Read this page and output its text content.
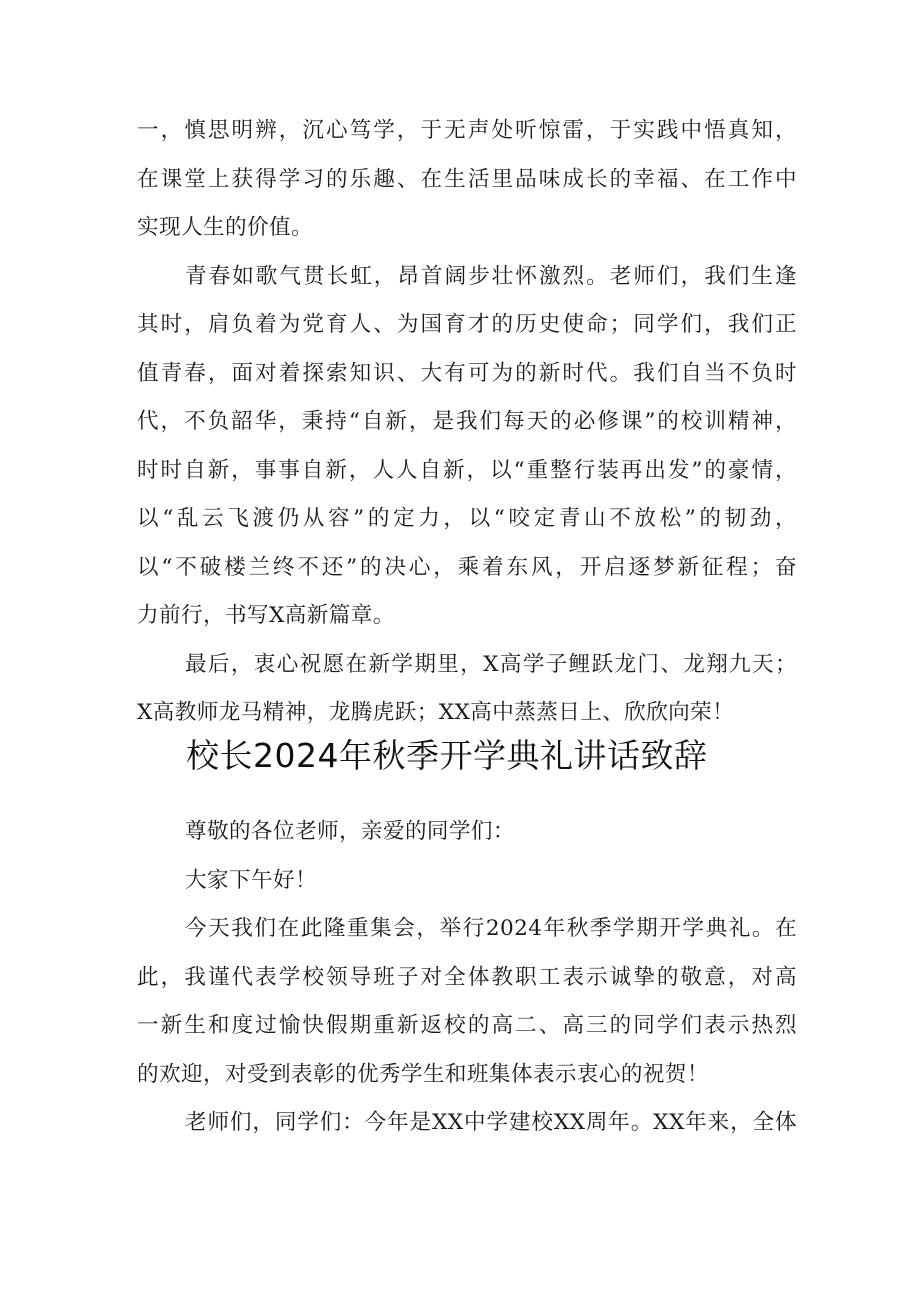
一，慎思明辨，沉心笃学，于无声处听惊雷，于实践中悟真知，
在课堂上获得学习的乐趣、在生活里品味成长的幸福、在工作中
实现人生的价值。

青春如歌气贯长虹，昂首阔步壮怀激烈。老师们，我们生逢
其时，肩负着为党育人、为国育才的历史使命；同学们，我们正
值青春，面对着探索知识、大有可为的新时代。我们自当不负时
代，不负韶华，秉持“自新，是我们每天的必修课”的校训精神，
时时自新，事事自新，人人自新，以“重整行装再出发”的豪情，
以“乱云飞渡仍从容”的定力，以“咬定青山不放松”的韧劲，
以“不破楼兰终不还”的决心，乘着东风，开启逐梦新征程；奋
力前行，书写X高新篇章。

最后，衷心祝愿在新学期里，X高学子鲤跃龙门、龙翔九天；
X高教师龙马精神，龙腾虎跃；XX高中蒸蒸日上、欣欣向荣！

校长2024年秋季开学典礼讲话致辞

尊敬的各位老师，亲爱的同学们：

大家下午好！

今天我们在此隆重集会，举行2024年秋季学期开学典礼。在
此，我谨代表学校领导班子对全体教职工表示诚挚的敬意，对高
一新生和度过愉快假期重新返校的高二、高三的同学们表示热烈
的欢迎，对受到表彰的优秀学生和班集体表示衷心的祝贺！

老师们，同学们：今年是XX中学建校XX周年。XX年来，全体
